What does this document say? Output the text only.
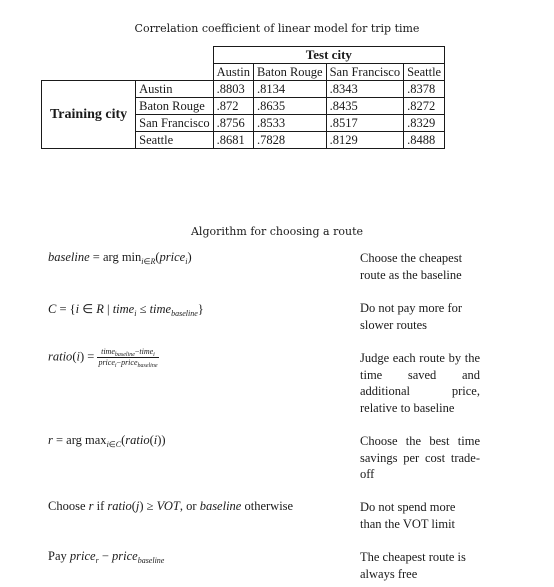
Correlation coefficient of linear model for trip time
		Test city			
		Austin	Baton Rouge	San Francisco	Seattle
Training city	Austin	.8803	.8134	.8343	.8378
	Baton Rouge	.872	.8635	.8435	.8272
	San Francisco	.8756	.8533	.8517	.8329
	Seattle	.8681	.7828	.8129	.8488
Algorithm for choosing a route
baseline = arg $\min_{i\in R}(price_i)$	Choose the cheapest route as the baseline
C = {i ∈ R | time$_i$ ≤ time$_{baseline}$}	Do not pay more for slower routes
ratio(i) = $\frac{time_{baseline}-time_i}{price_i-price_{baseline}}$	Judge each route by the time saved and additional price, relative to baseline
r = arg $\max_{i\in C}(ratio(i))$	Choose the best time savings per cost trade-off
Choose r if ratio(j) ≥ VOT, or baseline otherwise	Do not spend more than the VOT limit
Pay price$_r$ − price$_{baseline}$	The cheapest route is always free
